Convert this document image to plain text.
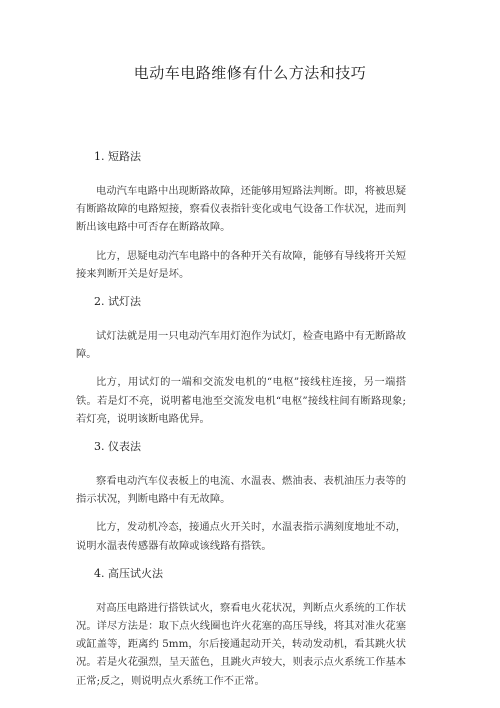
电动车电路维修有什么方法和技巧
1. 短路法

电动汽车电路中出现断路故障，还能够用短路法判断。即，将被思疑有断路故障的电路短接，察看仪表指针变化或电气设备工作状况，进而判断出该电路中可否存在断路故障。

比方，思疑电动汽车电路中的各种开关有故障，能够有导线将开关短接来判断开关是好是坏。

2. 试灯法

试灯法就是用一只电动汽车用灯泡作为试灯，检查电路中有无断路故障。

比方，用试灯的一端和交流发电机的“电枢”接线柱连接，另一端搭铁。若是灯不亮，说明蓄电池至交流发电机“电枢”接线柱间有断路现象;若灯亮，说明该断电路优异。

3. 仪表法

察看电动汽车仪表板上的电流、水温表、燃油表、表机油压力表等的指示状况，判断电路中有无故障。

比方，发动机冷态，接通点火开关时，水温表指示满刻度地址不动，说明水温表传感器有故障或该线路有搭铁。

4. 高压试火法

对高压电路进行搭铁试火，察看电火花状况，判断点火系统的工作状况。详尽方法是：取下点火线圈也许火花塞的高压导线，将其对准火花塞或缸盖等，距离约 5mm，尔后接通起动开关，转动发动机，看其跳火状况。若是火花强烈，呈天蓝色，且跳火声较大，则表示点火系统工作基本正常;反之，则说明点火系统工作不正常。
